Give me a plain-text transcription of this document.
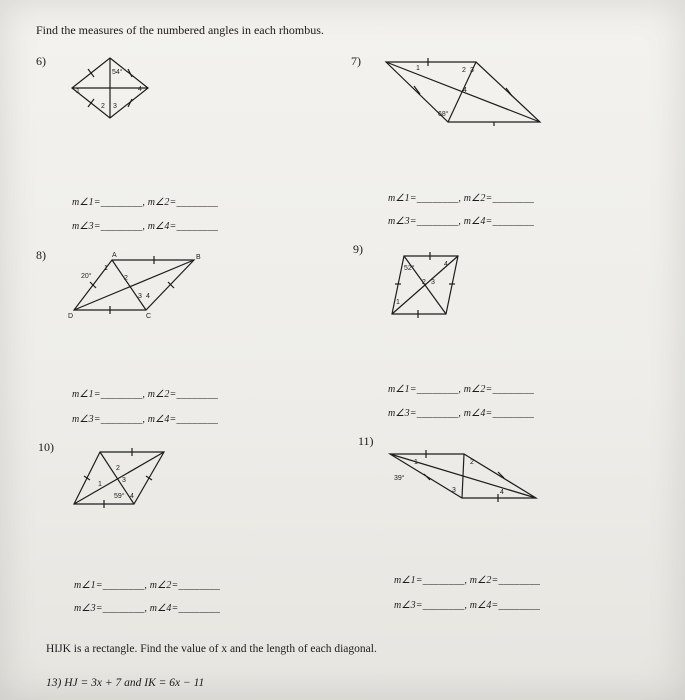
Find the measures of the numbered angles in each rhombus.
6)
54°
1
2 3
4
m∠1=________, m∠2=________
m∠3=________, m∠4=________
7)
1	2 3
4
68°
m∠1=________, m∠2=________
m∠3=________, m∠4=________
8)	A	B
C
D
20°
1
2
3 4
m∠1=________, m∠2=________
m∠3=________, m∠4=________
9)
52°
4
2 3
1
m∠1=________, m∠2=________
m∠3=________, m∠4=________
10)
2
3
1
59° 4
m∠1=________, m∠2=________
m∠3=________, m∠4=________
11)
39°
1	2
3	4
m∠1=________, m∠2=________
m∠3=________, m∠4=________
HIJK is a rectangle. Find the value of x and the length of each diagonal.
13) HJ = 3x + 7 and IK = 6x − 11
